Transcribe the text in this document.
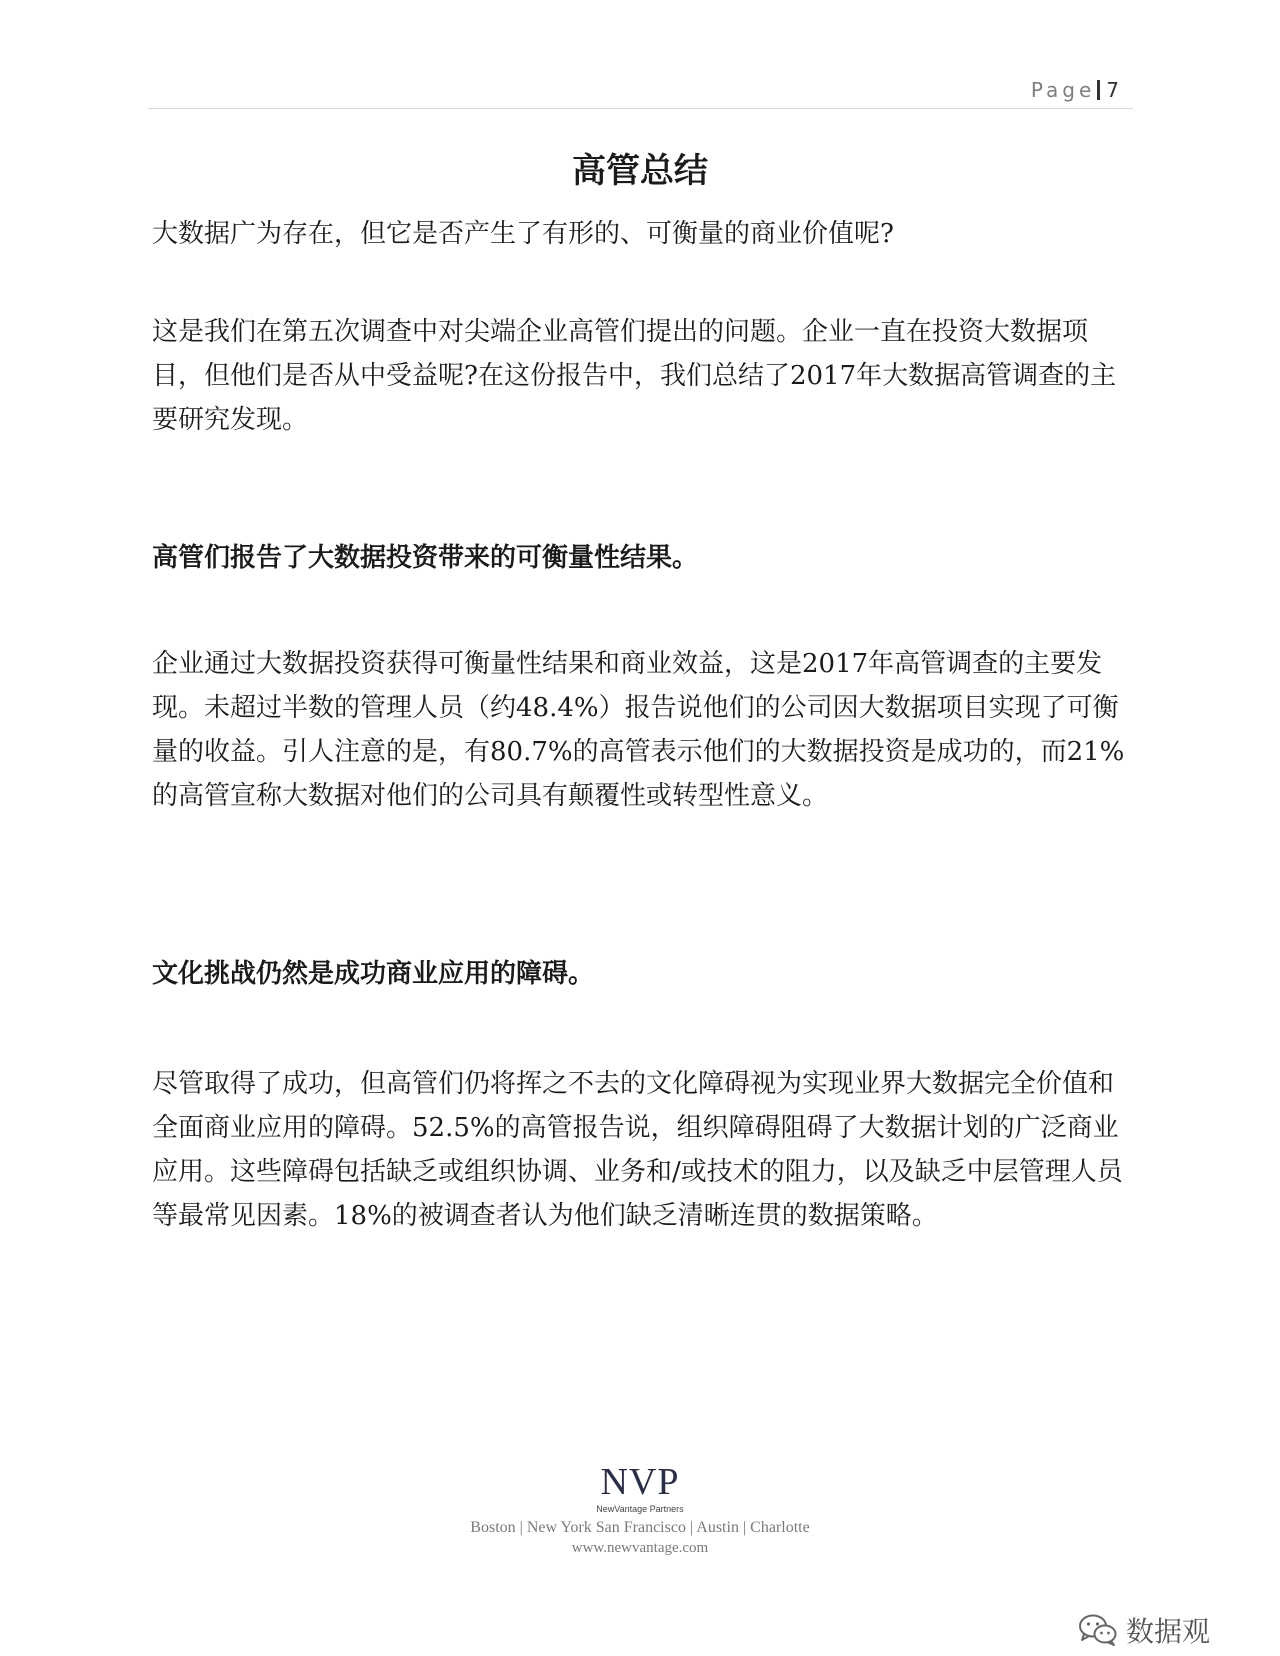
Page 7
高管总结

大数据广为存在，但它是否产生了有形的、可衡量的商业价值呢?

这是我们在第五次调查中对尖端企业高管们提出的问题。企业一直在投资大数据项目，但他们是否从中受益呢?在这份报告中，我们总结了2017年大数据高管调查的主要研究发现。

高管们报告了大数据投资带来的可衡量性结果。

企业通过大数据投资获得可衡量性结果和商业效益，这是2017年高管调查的主要发现。未超过半数的管理人员（约48.4%）报告说他们的公司因大数据项目实现了可衡量的收益。引人注意的是，有80.7%的高管表示他们的大数据投资是成功的，而21%的高管宣称大数据对他们的公司具有颠覆性或转型性意义。

文化挑战仍然是成功商业应用的障碍。

尽管取得了成功，但高管们仍将挥之不去的文化障碍视为实现业界大数据完全价值和全面商业应用的障碍。52.5%的高管报告说，组织障碍阻碍了大数据计划的广泛商业应用。这些障碍包括缺乏或组织协调、业务和/或技术的阻力，以及缺乏中层管理人员等最常见因素。18%的被调查者认为他们缺乏清晰连贯的数据策略。

NVP
NewVantage Partners
Boston | New York San Francisco | Austin | Charlotte
www.newvantage.com
数据观
